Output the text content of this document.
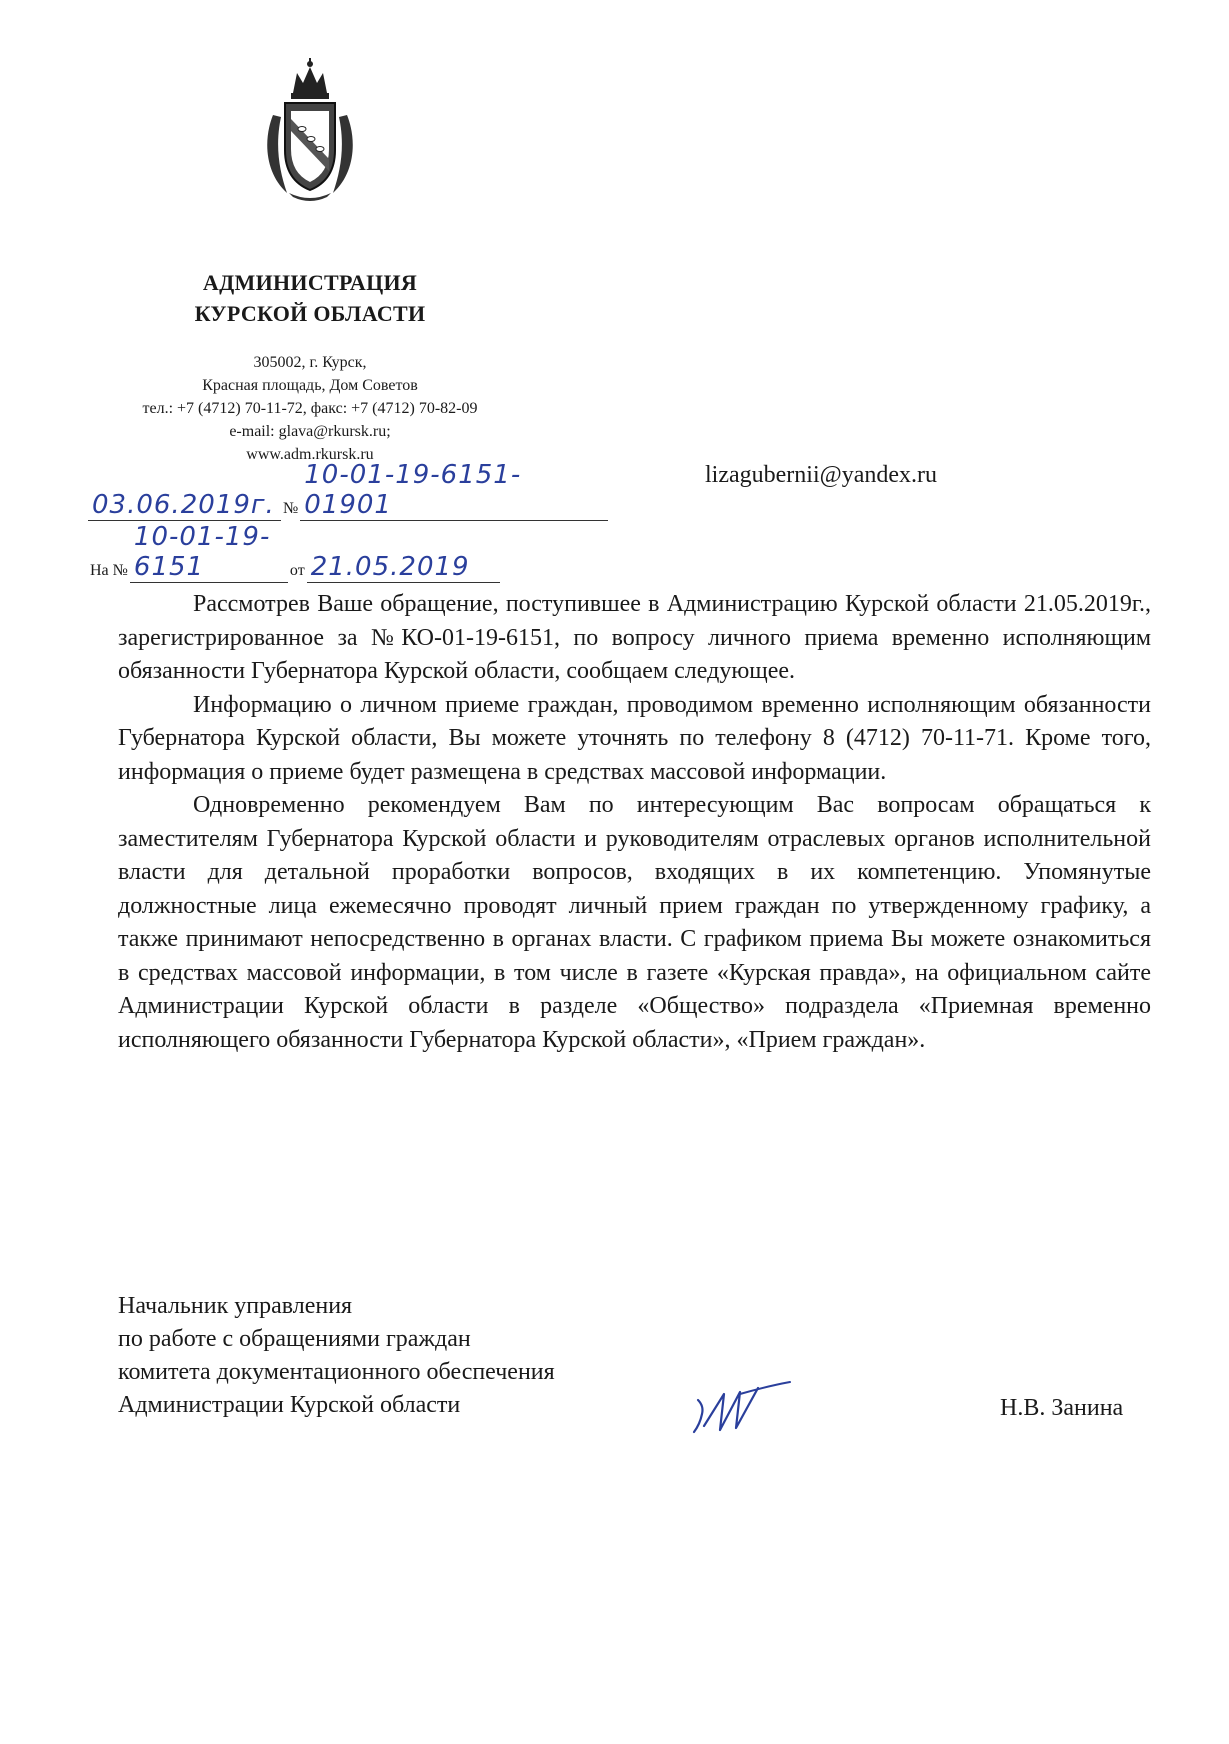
АДМИНИСТРАЦИЯ
КУРСКОЙ ОБЛАСТИ
305002, г. Курск,
Красная площадь, Дом Советов
тел.: +7 (4712) 70-11-72, факс: +7 (4712) 70-82-09
e-mail: glava@rkursk.ru;
www.adm.rkursk.ru
03.06.2019г. №10-01-19-6151-01901
На №10-01-19-6151	от 21.05.2019
lizagubernii@yandex.ru

Рассмотрев Ваше обращение, поступившее в Администрацию Курской области 21.05.2019г., зарегистрированное за №КО-01-19-6151, по вопросу личного приема временно исполняющим обязанности Губернатора Курской области, сообщаем следующее.

Информацию о личном приеме граждан, проводимом временно исполняющим обязанности Губернатора Курской области, Вы можете уточнять по телефону 8 (4712) 70-11-71. Кроме того, информация о приеме будет размещена в средствах массовой информации.

Одновременно рекомендуем Вам по интересующим Вас вопросам обращаться к заместителям Губернатора Курской области и руководителям отраслевых органов исполнительной власти для детальной проработки вопросов, входящих в их компетенцию. Упомянутые должностные лица ежемесячно проводят личный прием граждан по утвержденному графику, а также принимают непосредственно в органах власти. С графиком приема Вы можете ознакомиться в средствах массовой информации, в том числе в газете «Курская правда», на официальном сайте Администрации Курской области в разделе «Общество» подраздела «Приемная временно исполняющего обязанности Губернатора Курской области», «Прием граждан».

Начальник управления
по работе с обращениями граждан
комитета документационного обеспечения
Администрации Курской области	Н.В. Занина
